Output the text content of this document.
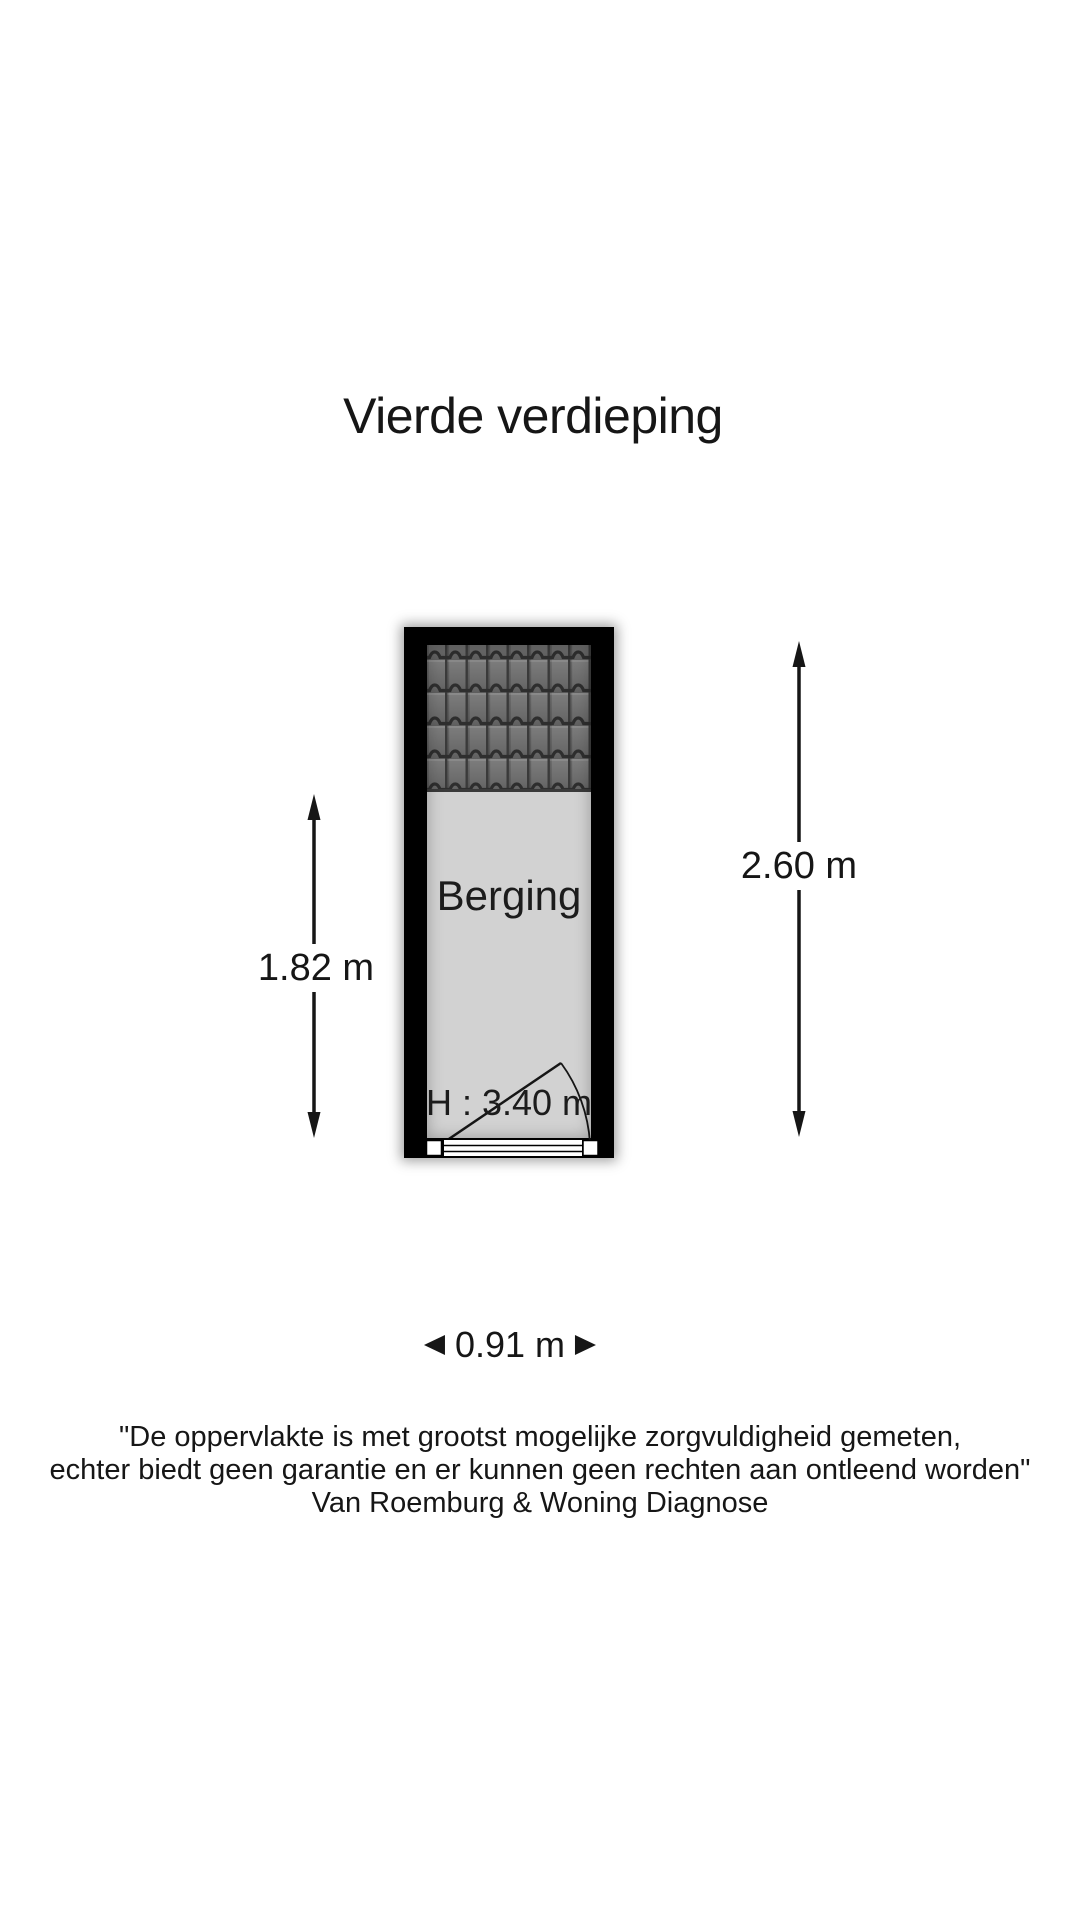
Vierde verdieping
Berging
H : 3.40 m
1.82 m
2.60 m
0.91 m
"De oppervlakte is met grootst mogelijke zorgvuldigheid gemeten,
echter biedt geen garantie en er kunnen geen rechten aan ontleend worden"
Van Roemburg & Woning Diagnose
